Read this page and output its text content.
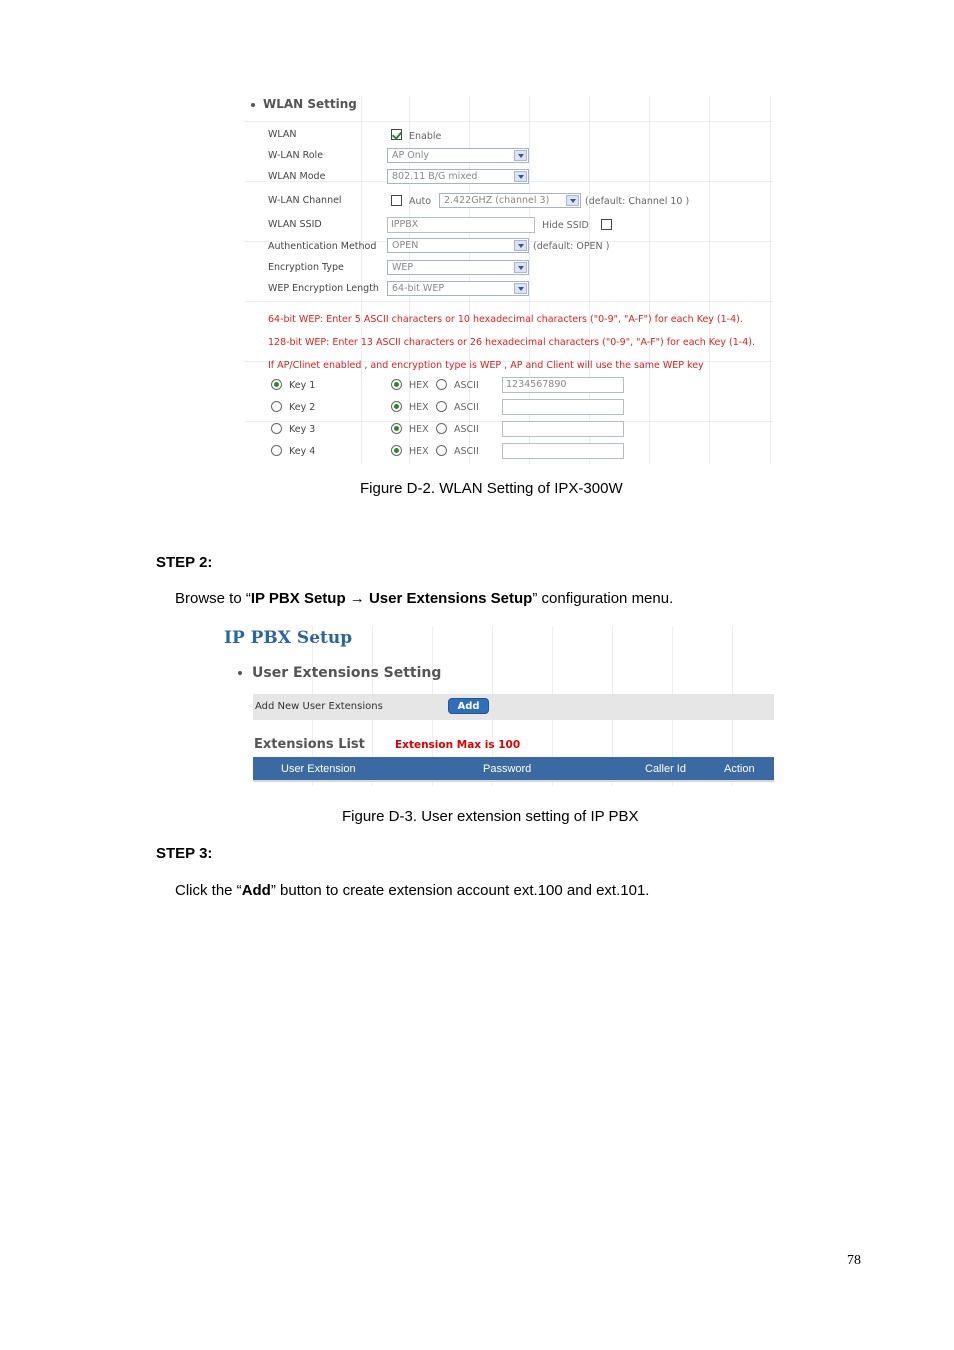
WLAN Setting
WLAN	Enable
W-LAN Role	AP Only
WLAN Mode	802.11 B/G mixed
W-LAN Channel	Auto	2.422GHZ (channel 3)	(default: Channel 10 )
WLAN SSID	IPPBX	Hide SSID
Authentication Method	OPEN	(default: OPEN )
Encryption Type	WEP
WEP Encryption Length	64-bit WEP
64-bit WEP: Enter 5 ASCII characters or 10 hexadecimal characters ("0-9", "A-F") for each Key (1-4).
128-bit WEP: Enter 13 ASCII characters or 26 hexadecimal characters ("0-9", "A-F") for each Key (1-4).
If AP/Clinet enabled , and encryption type is WEP , AP and Client will use the same WEP key
Key 1	HEX	ASCII	1234567890
Key 2	HEX	ASCII
Key 3	HEX	ASCII
Key 4	HEX	ASCII
Figure D-2. WLAN Setting of IPX-300W
STEP 2:
Browse to “IP PBX Setup → User Extensions Setup” configuration menu.
IP PBX Setup
User Extensions Setting
Add New User Extensions	Add
Extensions List	Extension Max is 100
User Extension	Password	Caller Id	Action
Figure D-3. User extension setting of IP PBX
STEP 3:
Click the “Add” button to create extension account ext.100 and ext.101.
78
